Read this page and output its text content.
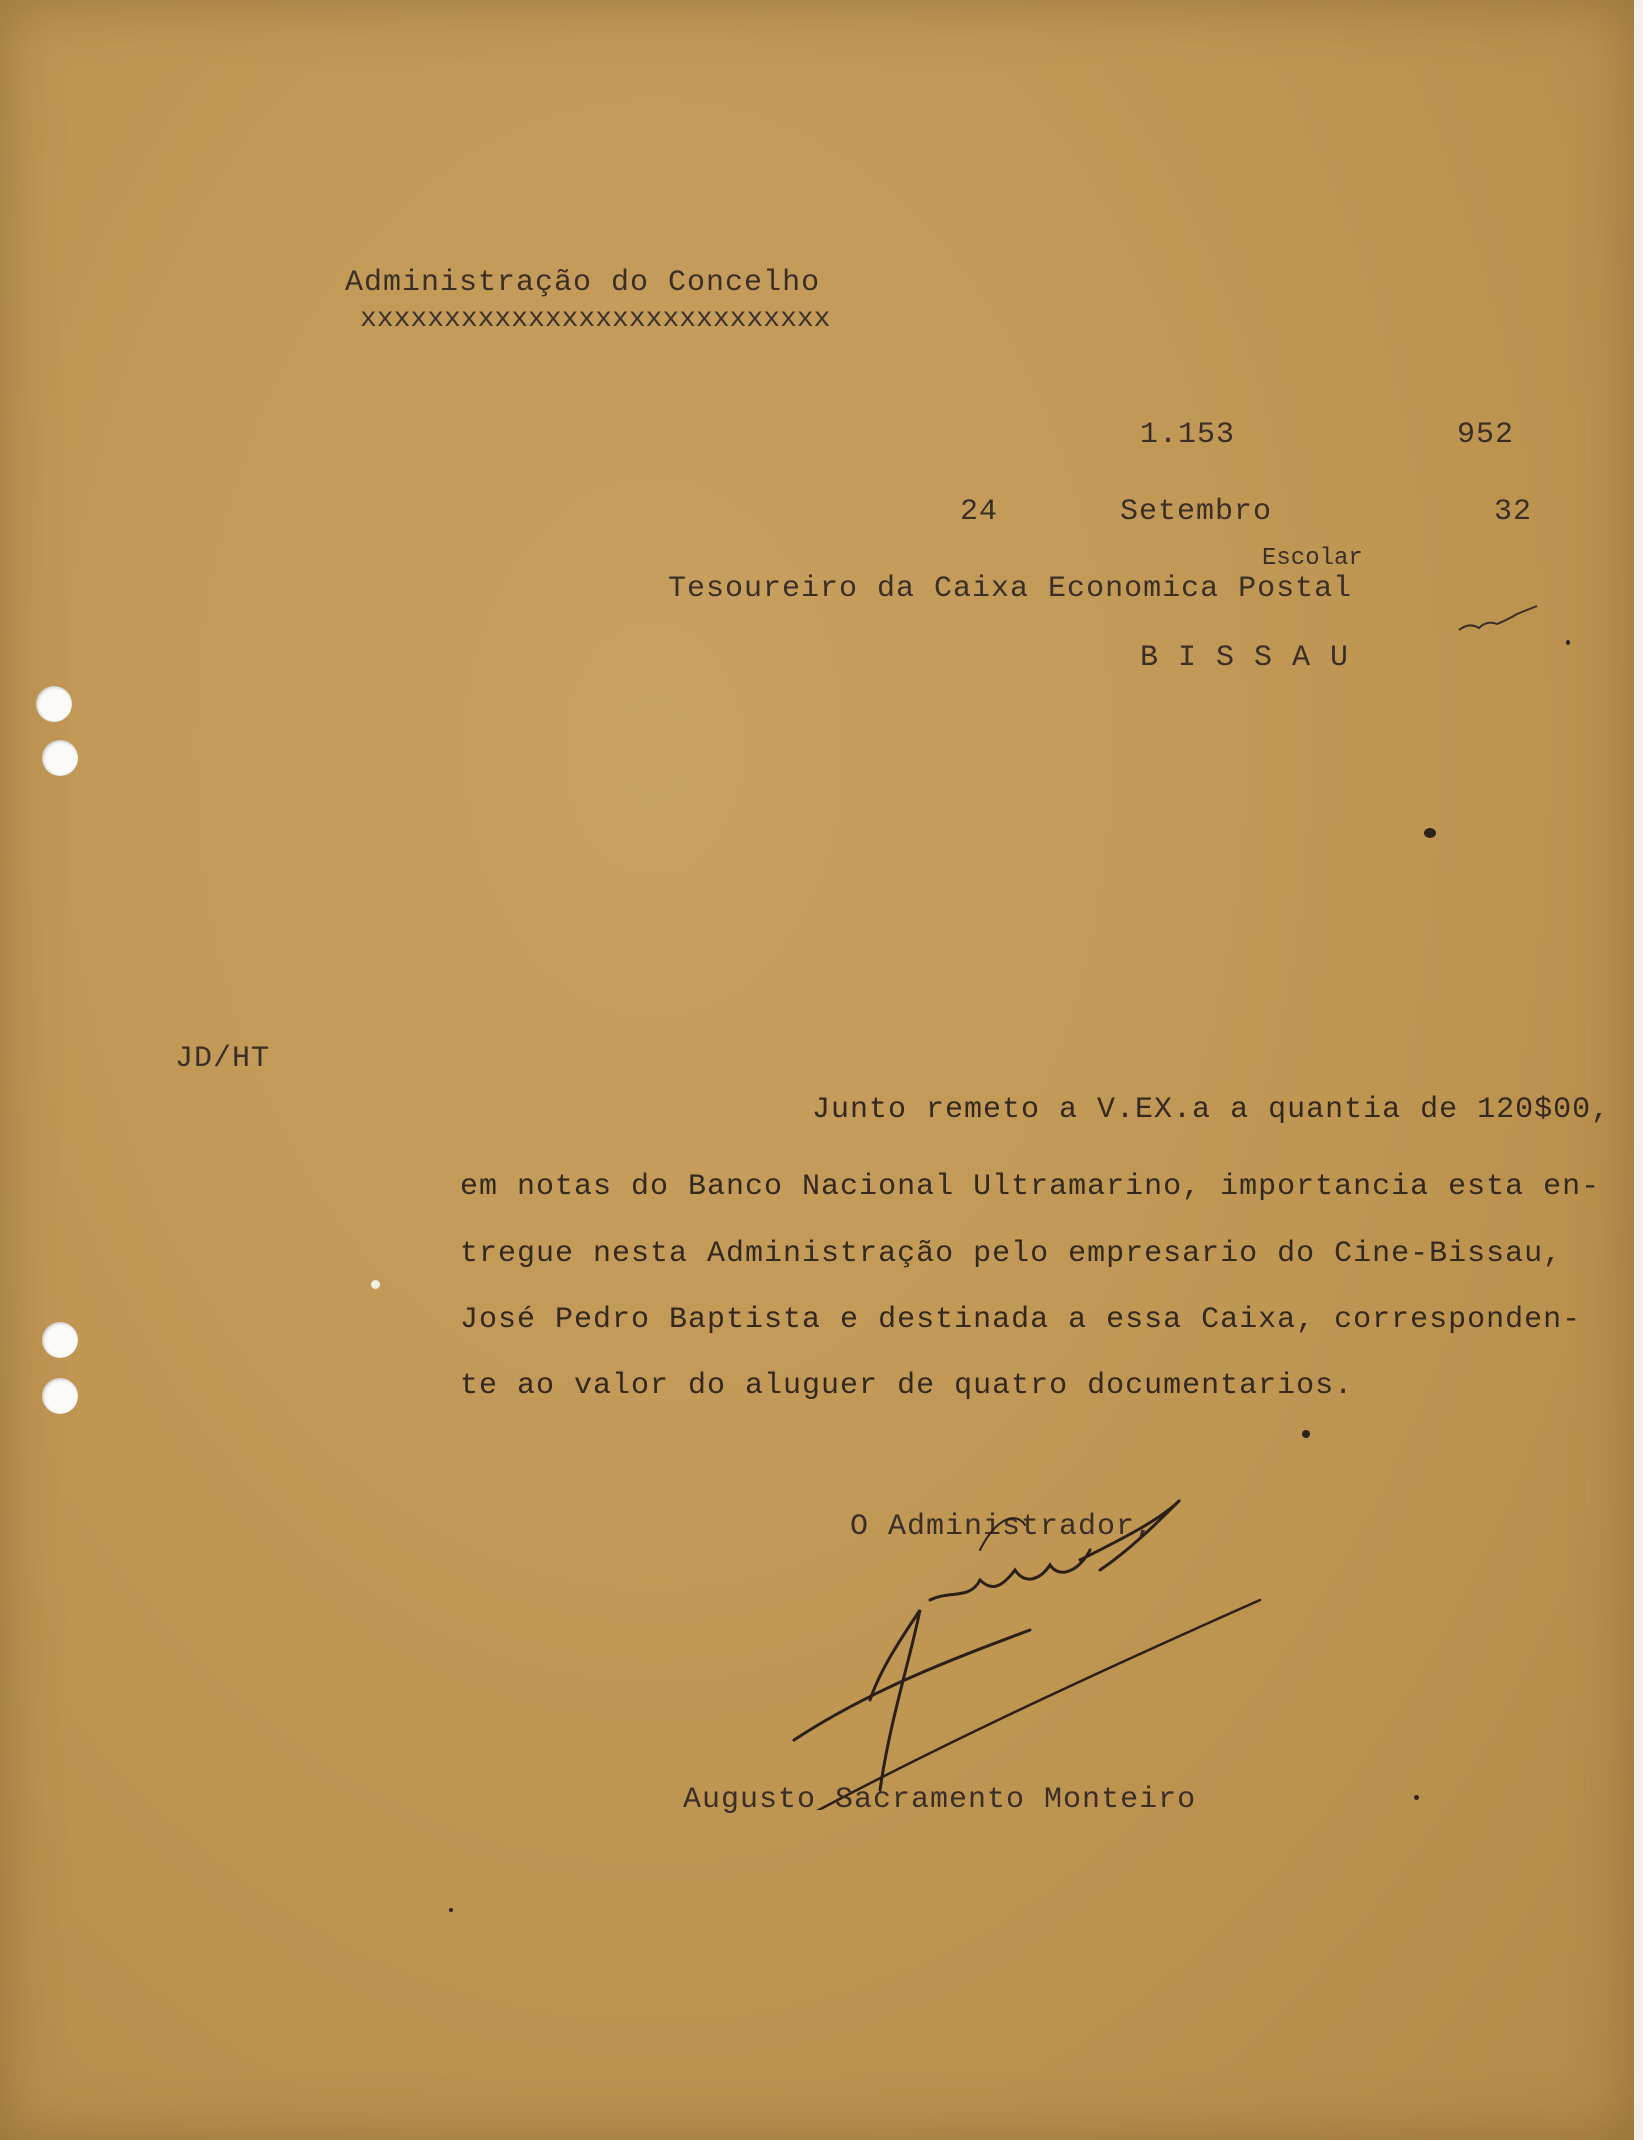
Administração do Concelho
xxxxxxxxxxxxxxxxxxxxxxxxxxxx
1.153	952
24	Setembro	32
Escolar
Tesoureiro da Caixa Economica Postal
B I S S A U
JD/HT
Junto remeto a V.EX.a a quantia de 120$00,
em notas do Banco Nacional Ultramarino, importancia esta en-
tregue nesta Administração pelo empresario do Cine-Bissau,
José Pedro Baptista e destinada a essa Caixa, corresponden-
te ao valor do aluguer de quatro documentarios.
O Administrador,
Augusto Sacramento Monteiro
